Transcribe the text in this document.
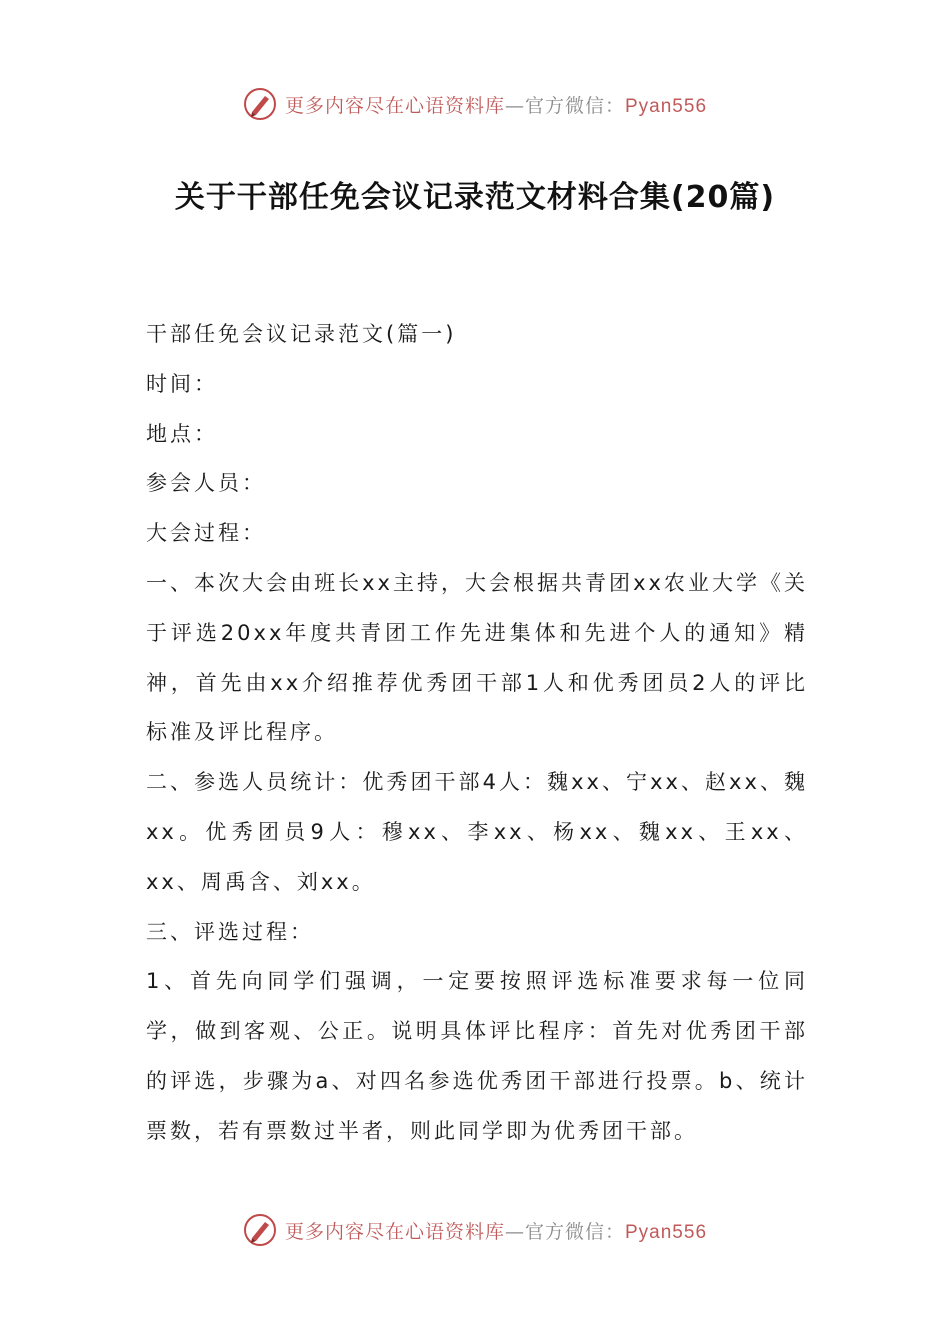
更多内容尽在心语资料库—官方微信：Pyan556
关于干部任免会议记录范文材料合集(20篇)

干部任免会议记录范文(篇一)

时间：

地点：

参会人员：

大会过程：

一、本次大会由班长xx主持，大会根据共青团xx农业大学《关于评选20xx年度共青团工作先进集体和先进个人的通知》精神，首先由xx介绍推荐优秀团干部1人和优秀团员2人的评比标准及评比程序。

二、参选人员统计：优秀团干部4人：魏xx、宁xx、赵xx、魏xx。优秀团员9人：穆xx、李xx、杨xx、魏xx、王xx、xx、周禹含、刘xx。

三、评选过程：

1、首先向同学们强调，一定要按照评选标准要求每一位同学，做到客观、公正。说明具体评比程序：首先对优秀团干部的评选，步骤为a、对四名参选优秀团干部进行投票。b、统计票数，若有票数过半者，则此同学即为优秀团干部。

更多内容尽在心语资料库—官方微信：Pyan556
